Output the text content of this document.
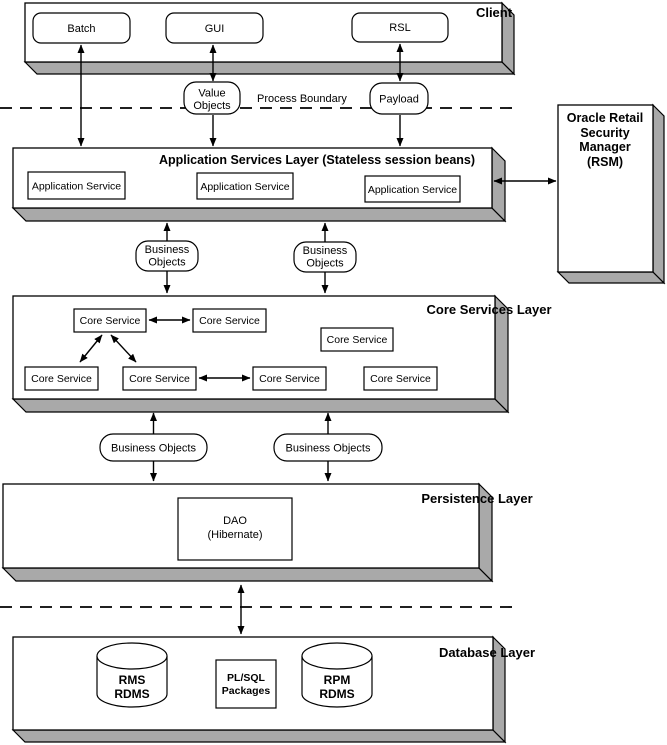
Client
Batch	GUI	RSL
Value
Objects
Process Boundary	Payload
Application Services Layer (Stateless session beans)
Application Service	Application Service	Application Service
Oracle Retail
Security
Manager
(RSM)
Business
Objects
Business
Objects
Core Services Layer
Core Service	Core Service
Core Service
Core Service	Core Service	Core Service	Core Service
Business Objects	Business Objects
Persistence Layer
DAO
(Hibernate)
Database Layer
RMS
RDMS
PL/SQL
Packages
RPM
RDMS
